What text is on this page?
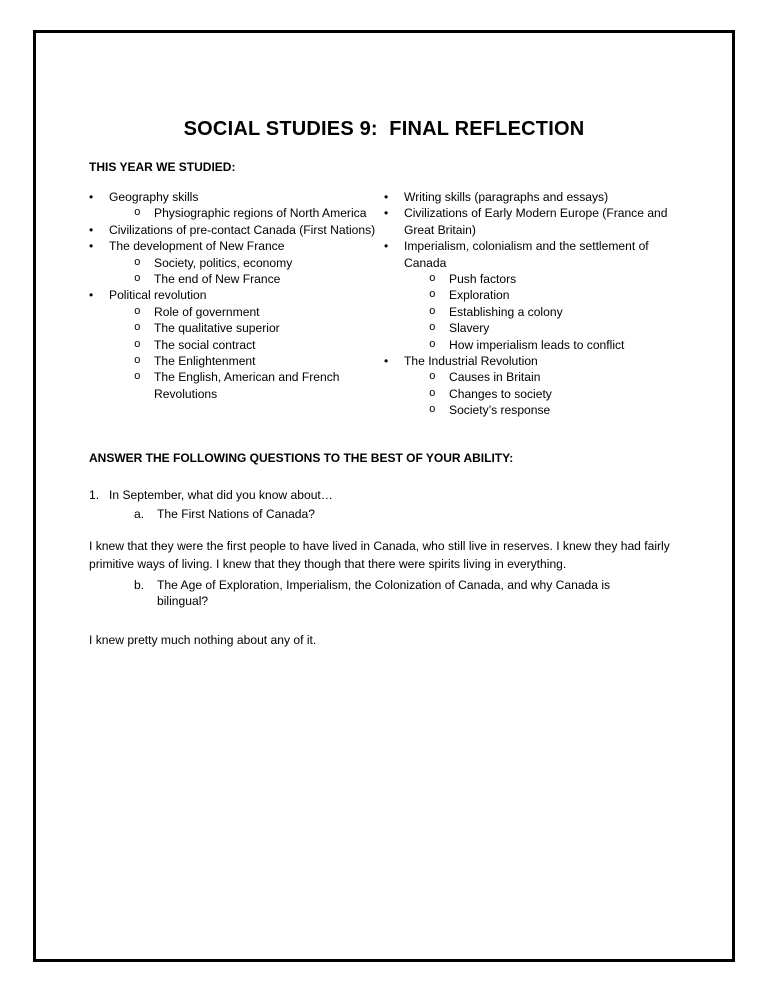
SOCIAL STUDIES 9:  FINAL REFLECTION

THIS YEAR WE STUDIED:

•	Geography skills
o	Physiographic regions of North America
•	Civilizations of pre-contact Canada (First Nations)
•	The development of New France
o	Society, politics, economy
o	The end of New France
•	Political revolution
o	Role of government
o	The qualitative superior
o	The social contract
o	The Enlightenment
o	The English, American and French Revolutions
•	Writing skills (paragraphs and essays)
•	Civilizations of Early Modern Europe (France and Great Britain)
•	Imperialism, colonialism and the settlement of Canada
o	Push factors
o	Exploration
o	Establishing a colony
o	Slavery
o	How imperialism leads to conflict
•	The Industrial Revolution
o	Causes in Britain
o	Changes to society
o	Society’s response

ANSWER THE FOLLOWING QUESTIONS TO THE BEST OF YOUR ABILITY:

1. In September, what did you know about…
a.	The First Nations of Canada?

I knew that they were the first people to have lived in Canada, who still live in reserves. I knew they had fairly primitive ways of living. I knew that they though that there were spirits living in everything.

b.	The Age of Exploration, Imperialism, the Colonization of Canada, and why Canada is bilingual?

I knew pretty much nothing about any of it.
